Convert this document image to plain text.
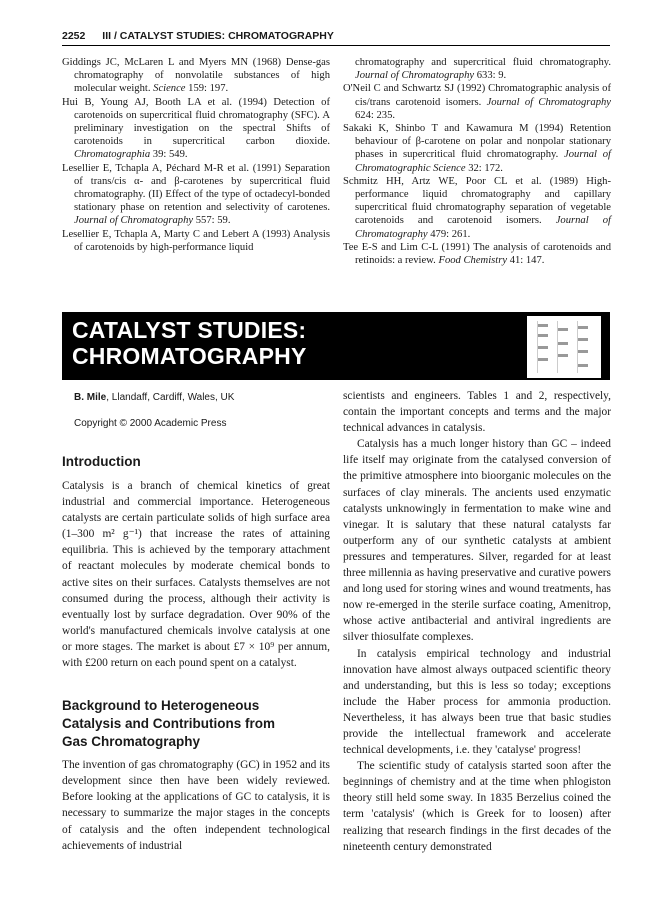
2252 III / CATALYST STUDIES: CHROMATOGRAPHY
Giddings JC, McLaren L and Myers MN (1968) Dense-gas chromatography of nonvolatile substances of high molecular weight. Science 159: 197.
Hui B, Young AJ, Booth LA et al. (1994) Detection of carotenoids on supercritical fluid chromatography (SFC). A preliminary investigation on the spectral Shifts of carotenoids in supercritical carbon dioxide. Chromatographia 39: 549.
Lesellier E, Tchapla A, Péchard M-R et al. (1991) Separation of trans/cis α- and β-carotenes by supercritical fluid chromatography. (II) Effect of the type of octadecyl-bonded stationary phase on retention and selectivity of carotenes. Journal of Chromatography 557: 59.
Lesellier E, Tchapla A, Marty C and Lebert A (1993) Analysis of carotenoids by high-performance liquid
chromatography and supercritical fluid chromatography. Journal of Chromatography 633: 9.
O'Neil C and Schwartz SJ (1992) Chromatographic analysis of cis/trans carotenoid isomers. Journal of Chromatography 624: 235.
Sakaki K, Shinbo T and Kawamura M (1994) Retention behaviour of β-carotene on polar and nonpolar stationary phases in supercritical fluid chromatography. Journal of Chromatographic Science 32: 172.
Schmitz HH, Artz WE, Poor CL et al. (1989) High-performance liquid chromatography and capillary supercritical fluid chromatography separation of vegetable carotenoids and carotenoid isomers. Journal of Chromatography 479: 261.
Tee E-S and Lim C-L (1991) The analysis of carotenoids and retinoids: a review. Food Chemistry 41: 147.
CATALYST STUDIES:
CHROMATOGRAPHY
B. Mile, Llandaff, Cardiff, Wales, UK
Copyright © 2000 Academic Press
Introduction

Catalysis is a branch of chemical kinetics of great industrial and commercial importance. Heterogeneous catalysts are certain particulate solids of high surface area (1–300 m² g⁻¹) that increase the rates of attaining equilibria. This is achieved by the temporary attachment of reactant molecules by moderate chemical bonds to active sites on their surfaces. Catalysts themselves are not consumed during the process, although their activity is eventually lost by surface degradation. Over 90% of the world's manufactured chemicals involve catalysis at one or more stages. The market is about £7 × 10⁹ per annum, with £200 return on each pound spent on a catalyst.

Background to Heterogeneous
Catalysis and Contributions from
Gas Chromatography

The invention of gas chromatography (GC) in 1952 and its development since then have been widely reviewed. Before looking at the applications of GC to catalysis, it is necessary to summarize the major stages in the concepts of catalysis and the often independent technological achievements of industrial

scientists and engineers. Tables 1 and 2, respectively, contain the important concepts and terms and the major technical advances in catalysis.

Catalysis has a much longer history than GC – indeed life itself may originate from the catalysed conversion of the primitive atmosphere into bioorganic molecules on the surfaces of clay minerals. The ancients used enzymatic catalysts unknowingly in fermentation to make wine and vinegar. It is salutary that these natural catalysts far outperform any of our synthetic catalysts at ambient pressures and temperatures. Silver, regarded for at least three millennia as having preservative and curative powers and long used for storing wines and wound treatments, has now re-emerged in the sterile surface coating, Amenitrop, whose active antibacterial and antiviral ingredients are silver thiosulfate complexes.

In catalysis empirical technology and industrial innovation have almost always outpaced scientific theory and understanding, but this is less so today; exceptions include the Haber process for ammonia production. Nevertheless, it has always been true that basic studies provide the intellectual framework and accelerate technical developments, i.e. they 'catalyse' progress!

The scientific study of catalysis started soon after the beginnings of chemistry and at the time when phlogiston theory still held some sway. In 1835 Berzelius coined the term 'catalysis' (which is Greek for to loosen) after realizing that research findings in the first decades of the nineteenth century demonstrated
